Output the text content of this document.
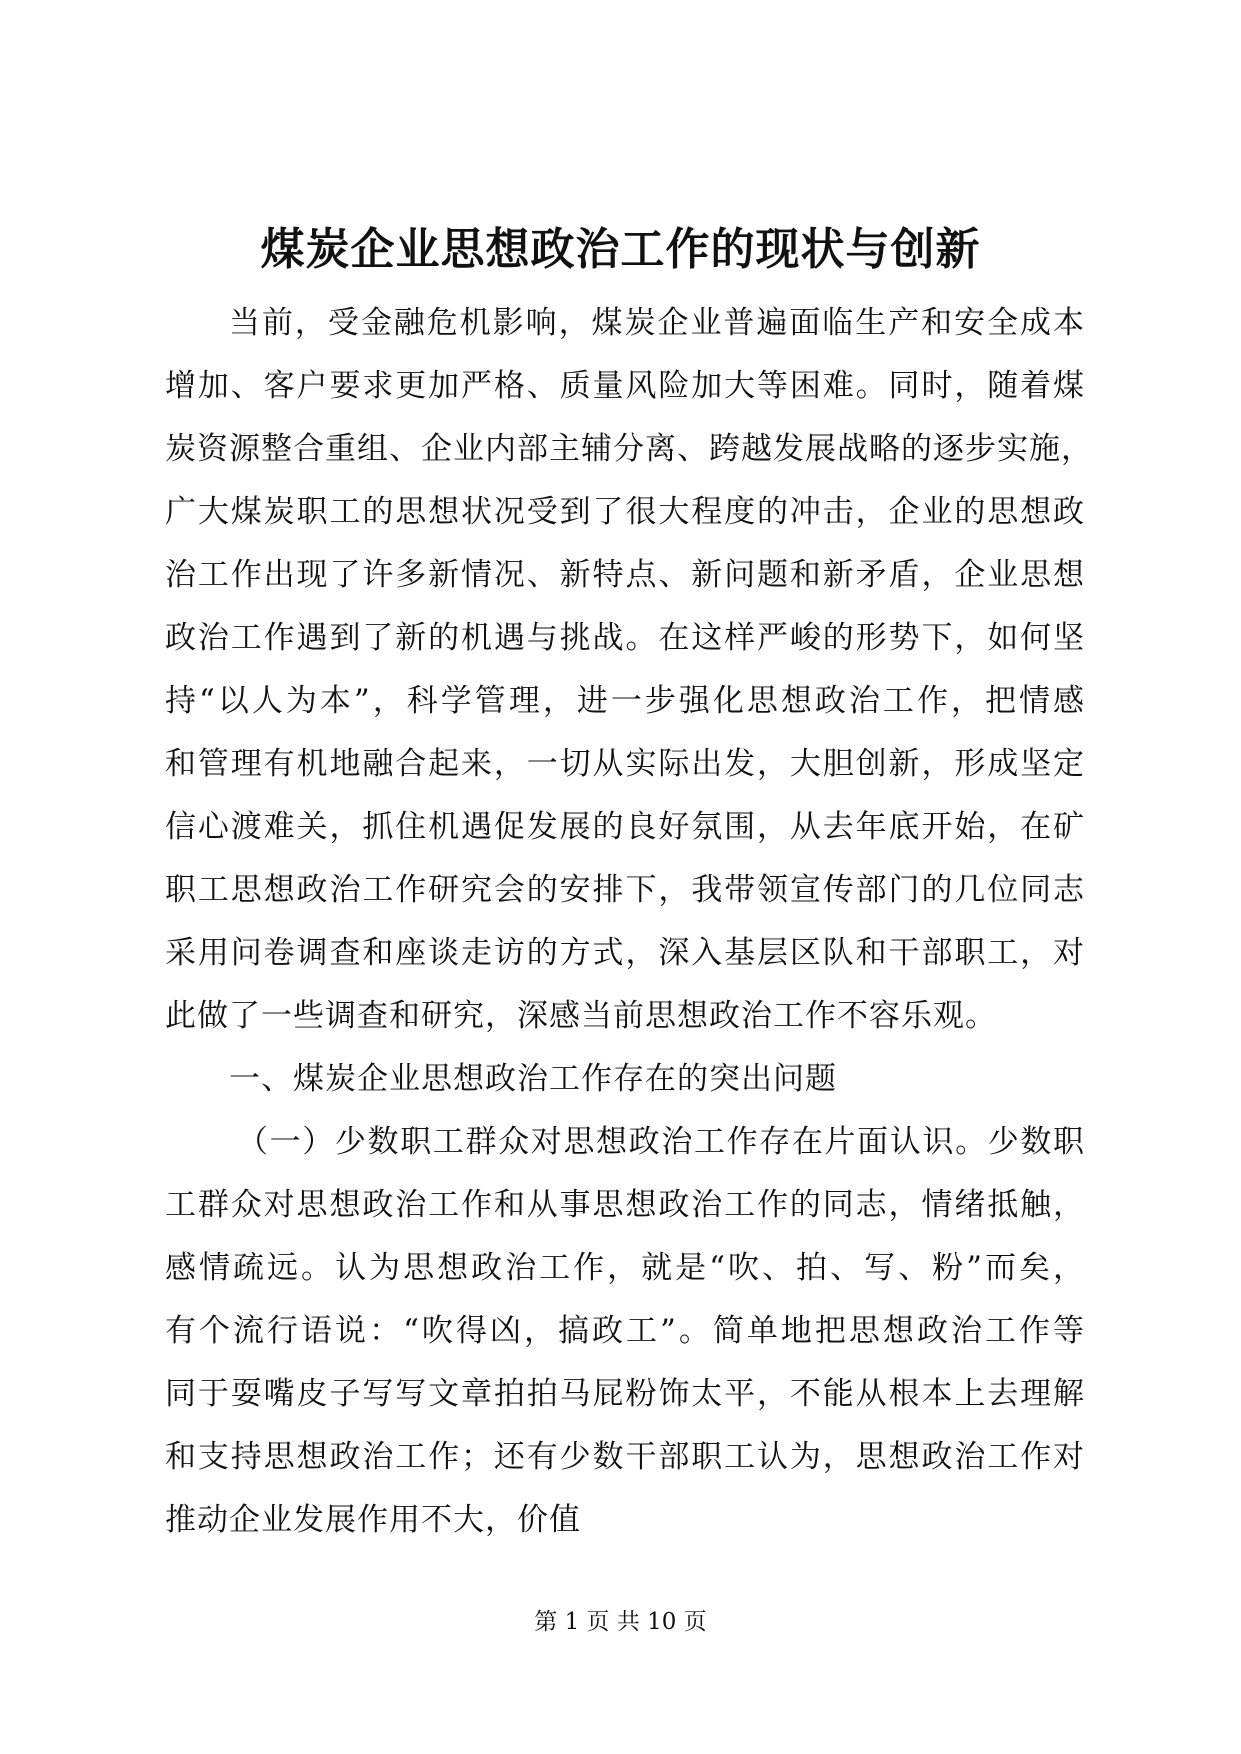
煤炭企业思想政治工作的现状与创新
当前，受金融危机影响，煤炭企业普遍面临生产和安全成本
增加、客户要求更加严格、质量风险加大等困难。同时，随着煤
炭资源整合重组、企业内部主辅分离、跨越发展战略的逐步实施，
广大煤炭职工的思想状况受到了很大程度的冲击，企业的思想政
治工作出现了许多新情况、新特点、新问题和新矛盾，企业思想
政治工作遇到了新的机遇与挑战。在这样严峻的形势下，如何坚
持“以人为本”，科学管理，进一步强化思想政治工作，把情感
和管理有机地融合起来，一切从实际出发，大胆创新，形成坚定
信心渡难关，抓住机遇促发展的良好氛围，从去年底开始，在矿
职工思想政治工作研究会的安排下，我带领宣传部门的几位同志
采用问卷调查和座谈走访的方式，深入基层区队和干部职工，对
此做了一些调查和研究，深感当前思想政治工作不容乐观。
一、煤炭企业思想政治工作存在的突出问题
（一）少数职工群众对思想政治工作存在片面认识。少数职
工群众对思想政治工作和从事思想政治工作的同志，情绪抵触，
感情疏远。认为思想政治工作，就是“吹、拍、写、粉”而矣，
有个流行语说：“吹得凶，搞政工”。简单地把思想政治工作等
同于耍嘴皮子写写文章拍拍马屁粉饰太平，不能从根本上去理解
和支持思想政治工作；还有少数干部职工认为，思想政治工作对
推动企业发展作用不大，价值
第 1 页 共 10 页
